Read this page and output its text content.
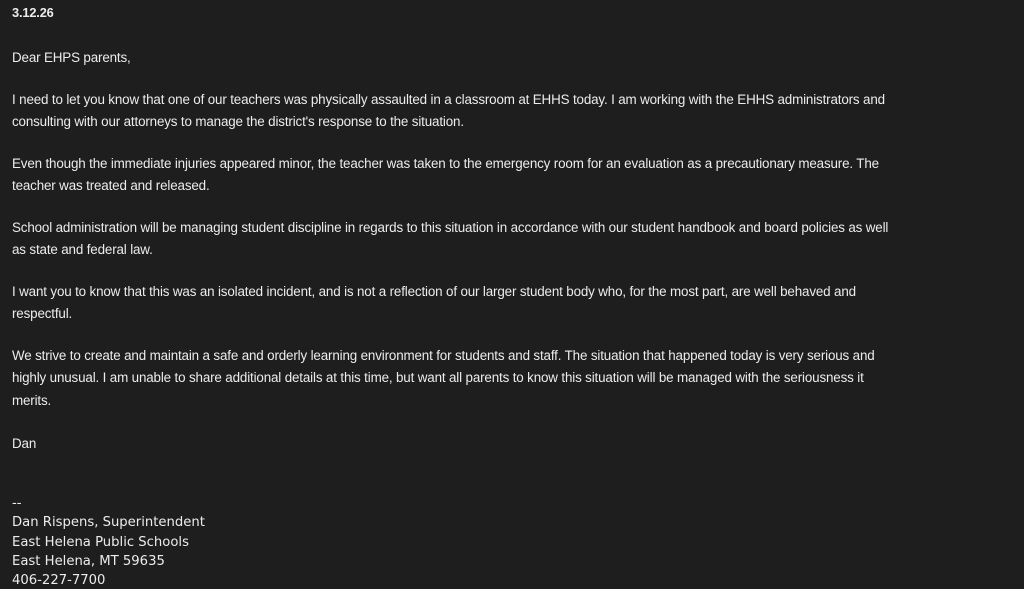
3.12.26
Dear EHPS parents,
I need to let you know that one of our teachers was physically assaulted in a classroom at EHHS today. I am working with the EHHS administrators and
consulting with our attorneys to manage the district's response to the situation.
Even though the immediate injuries appeared minor, the teacher was taken to the emergency room for an evaluation as a precautionary measure. The
teacher was treated and released.
School administration will be managing student discipline in regards to this situation in accordance with our student handbook and board policies as well
as state and federal law.
I want you to know that this was an isolated incident, and is not a reflection of our larger student body who, for the most part, are well behaved and
respectful.
We strive to create and maintain a safe and orderly learning environment for students and staff. The situation that happened today is very serious and
highly unusual. I am unable to share additional details at this time, but want all parents to know this situation will be managed with the seriousness it
merits.
Dan
--
Dan Rispens, Superintendent
East Helena Public Schools
East Helena, MT 59635
406-227-7700
